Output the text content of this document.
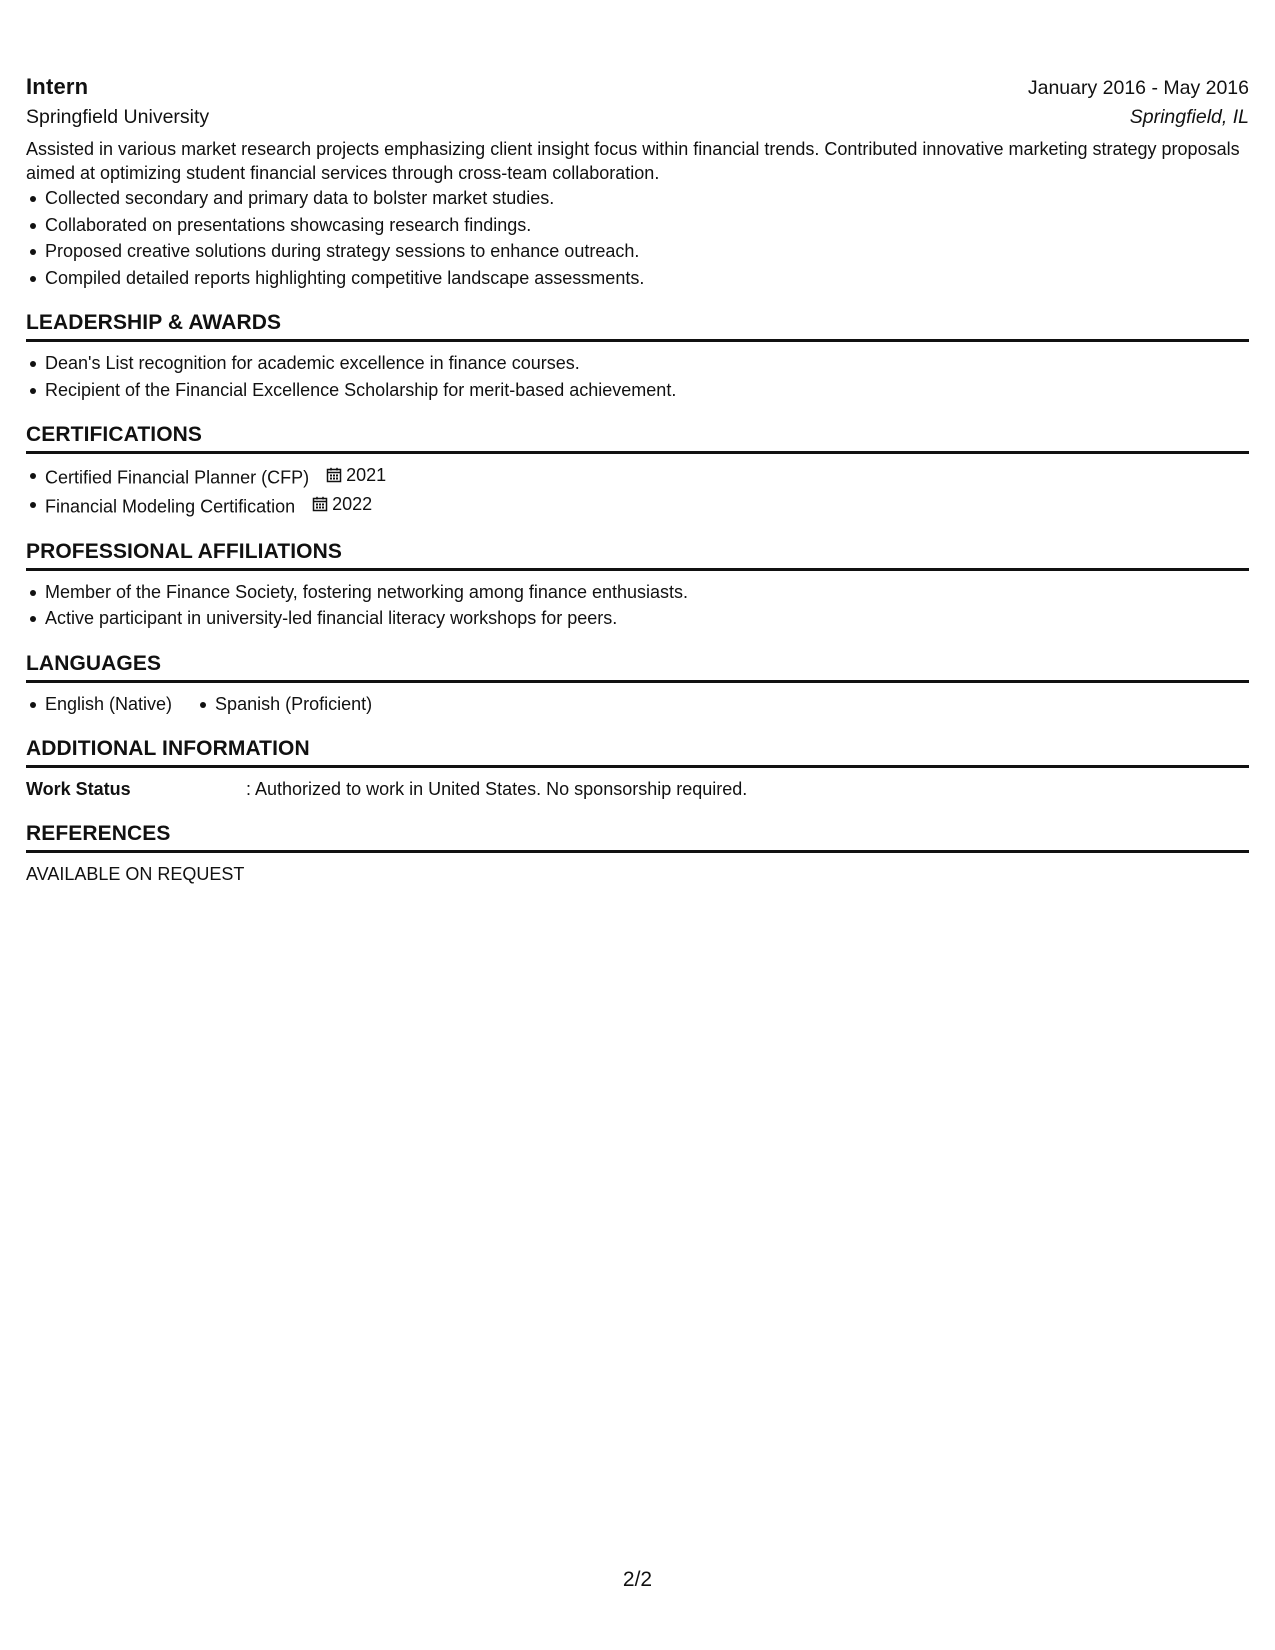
Intern	January 2016 - May 2016
Springfield University	Springfield, IL
Assisted in various market research projects emphasizing client insight focus within financial trends. Contributed innovative marketing strategy proposals aimed at optimizing student financial services through cross-team collaboration.
Collected secondary and primary data to bolster market studies.
Collaborated on presentations showcasing research findings.
Proposed creative solutions during strategy sessions to enhance outreach.
Compiled detailed reports highlighting competitive landscape assessments.
LEADERSHIP & AWARDS
Dean's List recognition for academic excellence in finance courses.
Recipient of the Financial Excellence Scholarship for merit-based achievement.
CERTIFICATIONS
Certified Financial Planner (CFP) 2021
Financial Modeling Certification 2022
PROFESSIONAL AFFILIATIONS
Member of the Finance Society, fostering networking among finance enthusiasts.
Active participant in university-led financial literacy workshops for peers.
LANGUAGES
English (Native)	Spanish (Proficient)
ADDITIONAL INFORMATION
Work Status	: Authorized to work in United States. No sponsorship required.
REFERENCES
AVAILABLE ON REQUEST
2/2
